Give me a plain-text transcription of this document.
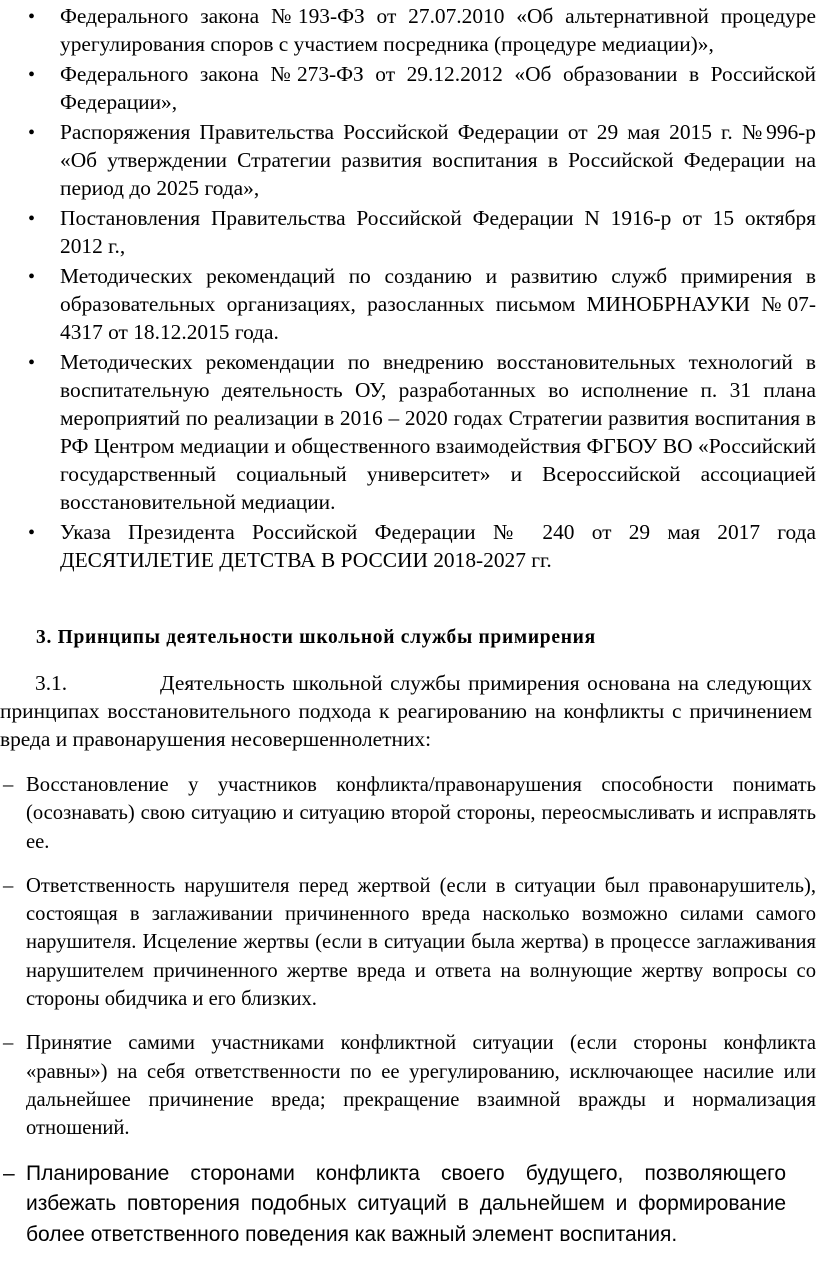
•
Федерального закона №193-ФЗ от 27.07.2010 «Об альтернативной процедуре урегулирования споров с участием посредника (процедуре медиации)»,
•
Федерального закона №273-ФЗ от 29.12.2012 «Об образовании в Российской Федерации»,
•
Распоряжения Правительства Российской Федерации от 29 мая 2015 г. №996-р «Об утверждении Стратегии развития воспитания в Российской Федерации на период до 2025 года»,
•
Постановления Правительства Российской Федерации N 1916-р от 15 октября 2012 г.,
•
Методических рекомендаций по созданию и развитию служб примирения в образовательных организациях, разосланных письмом МИНОБРНАУКИ №07-4317 от 18.12.2015 года.
•
Методических рекомендации по внедрению восстановительных технологий в воспитательную деятельность ОУ, разработанных во исполнение п. 31 плана мероприятий по реализации в 2016 – 2020 годах Стратегии развития воспитания в РФ Центром медиации и общественного взаимодействия ФГБОУ ВО «Российский государственный социальный университет» и Всероссийской ассоциацией восстановительной медиации.
•
Указа Президента Российской Федерации № 240 от 29 мая 2017 года ДЕСЯТИЛЕТИЕ ДЕТСТВА В РОССИИ 2018-2027 гг.
3. Принципы деятельности школьной службы примирения
3.1.	Деятельность школьной службы примирения основана на следующих принципах восстановительного подхода к реагированию на конфликты с причинением вреда и правонарушения несовершеннолетних:
– Восстановление у участников конфликта/правонарушения способности понимать (осознавать) свою ситуацию и ситуацию второй стороны, переосмысливать и исправлять ее.
– Ответственность нарушителя перед жертвой (если в ситуации был правонарушитель), состоящая в заглаживании причиненного вреда насколько возможно силами самого нарушителя. Исцеление жертвы (если в ситуации была жертва) в процессе заглаживания нарушителем причиненного жертве вреда и ответа на волнующие жертву вопросы со стороны обидчика и его близких.
– Принятие самими участниками конфликтной ситуации (если стороны конфликта «равны») на себя ответственности по ее урегулированию, исключающее насилие или дальнейшее причинение вреда; прекращение взаимной вражды и нормализация отношений.
– Планирование сторонами конфликта своего будущего, позволяющего избежать повторения подобных ситуаций в дальнейшем и формирование более ответственного поведения как важный элемент воспитания.
